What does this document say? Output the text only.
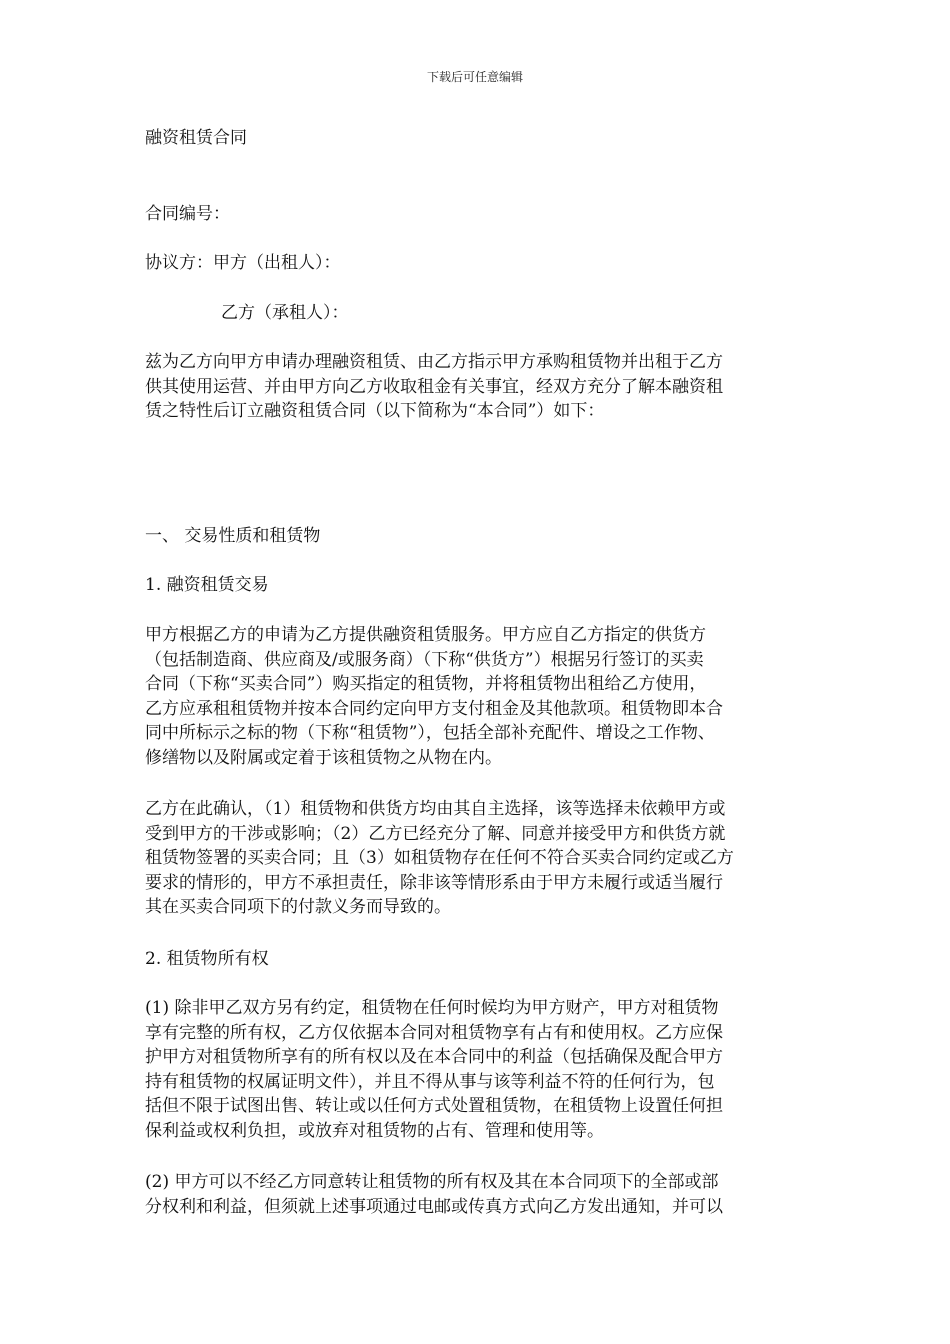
下载后可任意编辑
融资租赁合同
合同编号：
协议方：甲方（出租人）：
乙方（承租人）：
兹为乙方向甲方申请办理融资租赁、由乙方指示甲方承购租赁物并出租于乙方
供其使用运营、并由甲方向乙方收取租金有关事宜，经双方充分了解本融资租
赁之特性后订立融资租赁合同（以下简称为“本合同”）如下：
一、 交易性质和租赁物
1. 融资租赁交易
甲方根据乙方的申请为乙方提供融资租赁服务。甲方应自乙方指定的供货方
（包括制造商、供应商及/或服务商）（下称“供货方”）根据另行签订的买卖
合同（下称“买卖合同”）购买指定的租赁物，并将租赁物出租给乙方使用，
乙方应承租租赁物并按本合同约定向甲方支付租金及其他款项。租赁物即本合
同中所标示之标的物（下称“租赁物”），包括全部补充配件、增设之工作物、
修缮物以及附属或定着于该租赁物之从物在内。
乙方在此确认，（1）租赁物和供货方均由其自主选择，该等选择未依赖甲方或
受到甲方的干涉或影响；（2）乙方已经充分了解、同意并接受甲方和供货方就
租赁物签署的买卖合同；且（3）如租赁物存在任何不符合买卖合同约定或乙方
要求的情形的，甲方不承担责任，除非该等情形系由于甲方未履行或适当履行
其在买卖合同项下的付款义务而导致的。
2. 租赁物所有权
(1) 除非甲乙双方另有约定，租赁物在任何时候均为甲方财产，甲方对租赁物
享有完整的所有权，乙方仅依据本合同对租赁物享有占有和使用权。乙方应保
护甲方对租赁物所享有的所有权以及在本合同中的利益（包括确保及配合甲方
持有租赁物的权属证明文件），并且不得从事与该等利益不符的任何行为，包
括但不限于试图出售、转让或以任何方式处置租赁物，在租赁物上设置任何担
保利益或权利负担，或放弃对租赁物的占有、管理和使用等。
(2) 甲方可以不经乙方同意转让租赁物的所有权及其在本合同项下的全部或部
分权利和利益，但须就上述事项通过电邮或传真方式向乙方发出通知，并可以
